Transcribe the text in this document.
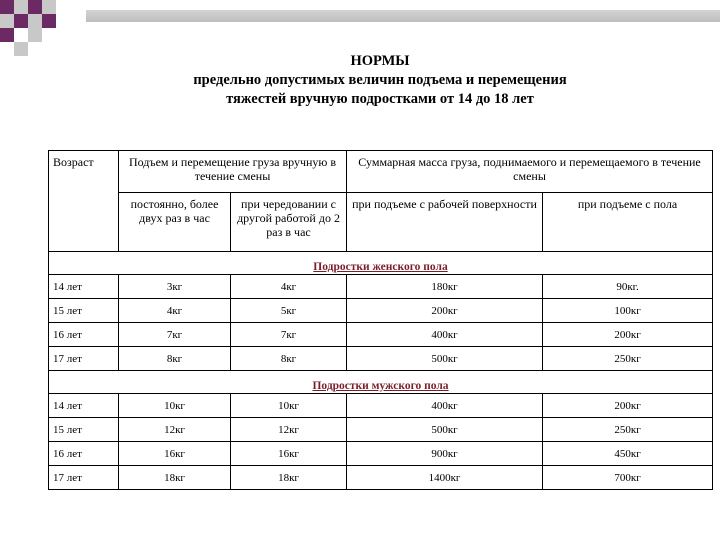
НОРМЫ
предельно допустимых величин подъема и перемещения
тяжестей вручную подростками от 14 до 18 лет
Возраст	Подъем и перемещение груза вручную в течение смены		Суммарная масса груза, поднимаемого и перемещаемого в течение смены	
	постоянно, более двух раз в час	при чередовании с другой работой до 2 раз в час	при подъеме с рабочей поверхности	при подъеме с пола
Подростки женского пола				
14 лет	3кг	4кг	180кг	90кг.
15 лет	4кг	5кг	200кг	100кг
16 лет	7кг	7кг	400кг	200кг
17 лет	8кг	8кг	500кг	250кг
Подростки мужского пола				
14 лет	10кг	10кг	400кг	200кг
15 лет	12кг	12кг	500кг	250кг
16 лет	16кг	16кг	900кг	450кг
17 лет	18кг	18кг	1400кг	700кг
